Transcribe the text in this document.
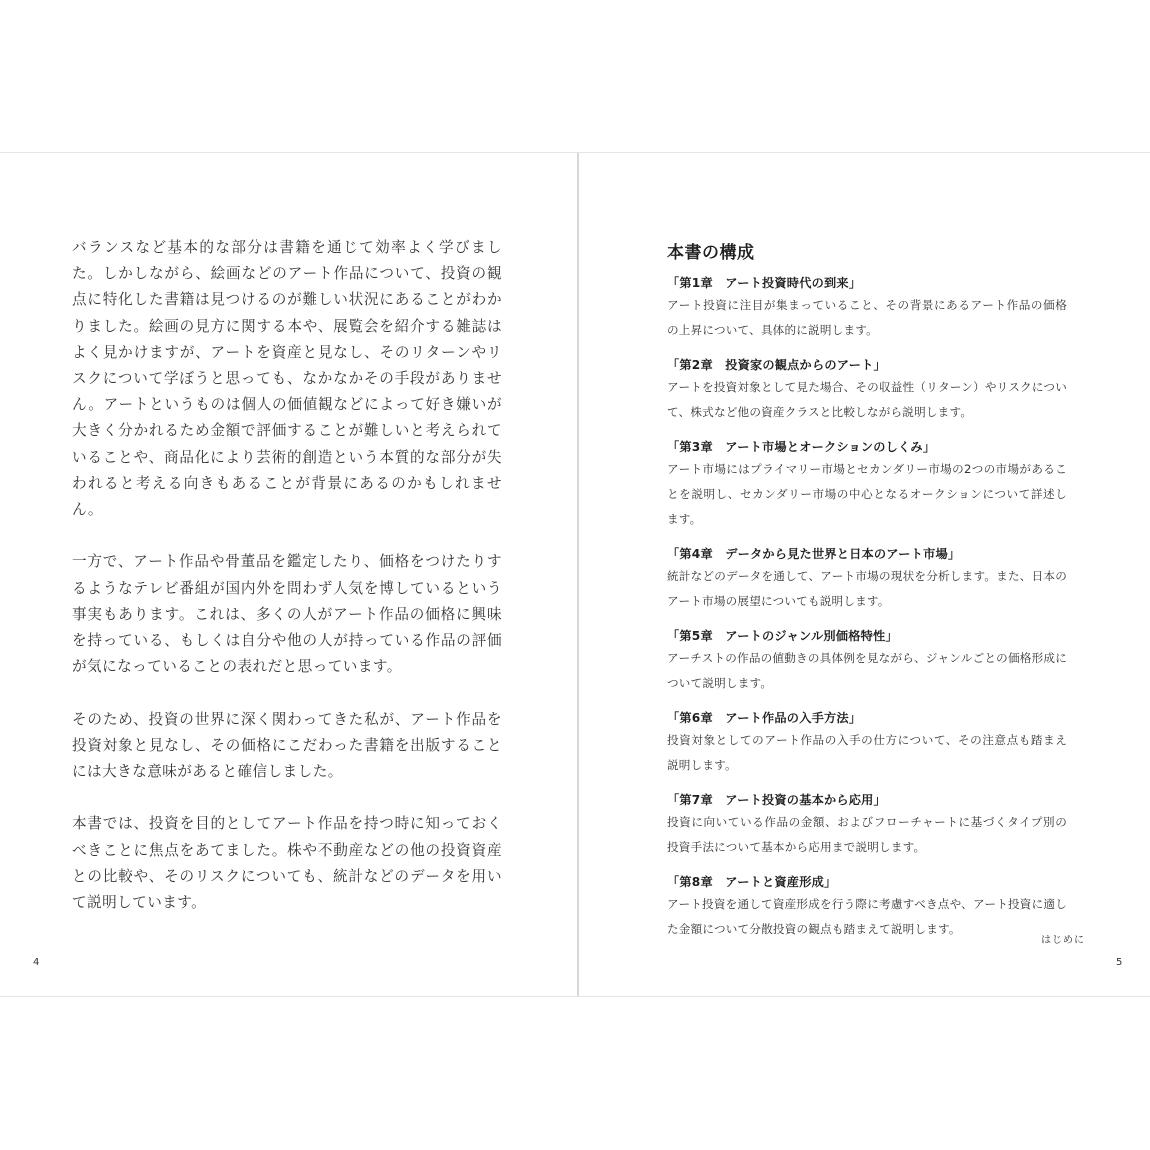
バランスなど基本的な部分は書籍を通じて効率よく学びました。しかしながら、絵画などのアート作品について、投資の観点に特化した書籍は見つけるのが難しい状況にあることがわかりました。絵画の見方に関する本や、展覧会を紹介する雑誌はよく見かけますが、アートを資産と見なし、そのリターンやリスクについて学ぼうと思っても、なかなかその手段がありません。アートというものは個人の価値観などによって好き嫌いが大きく分かれるため金額で評価することが難しいと考えられていることや、商品化により芸術的創造という本質的な部分が失われると考える向きもあることが背景にあるのかもしれません。

一方で、アート作品や骨董品を鑑定したり、価格をつけたりするようなテレビ番組が国内外を問わず人気を博しているという事実もあります。これは、多くの人がアート作品の価格に興味を持っている、もしくは自分や他の人が持っている作品の評価が気になっていることの表れだと思っています。

そのため、投資の世界に深く関わってきた私が、アート作品を投資対象と見なし、その価格にこだわった書籍を出版することには大きな意味があると確信しました。

本書では、投資を目的としてアート作品を持つ時に知っておくべきことに焦点をあてました。株や不動産などの他の投資資産との比較や、そのリスクについても、統計などのデータを用いて説明しています。

4
本書の構成
「第1章　アート投資時代の到来」
アート投資に注目が集まっていること、その背景にあるアート作品の価格の上昇について、具体的に説明します。
「第2章　投資家の観点からのアート」
アートを投資対象として見た場合、その収益性（リターン）やリスクについて、株式など他の資産クラスと比較しながら説明します。
「第3章　アート市場とオークションのしくみ」
アート市場にはプライマリー市場とセカンダリー市場の2つの市場があることを説明し、セカンダリー市場の中心となるオークションについて詳述します。
「第4章　データから見た世界と日本のアート市場」
統計などのデータを通して、アート市場の現状を分析します。また、日本のアート市場の展望についても説明します。
「第5章　アートのジャンル別価格特性」
アーチストの作品の値動きの具体例を見ながら、ジャンルごとの価格形成について説明します。
「第6章　アート作品の入手方法」
投資対象としてのアート作品の入手の仕方について、その注意点も踏まえ説明します。
「第7章　アート投資の基本から応用」
投資に向いている作品の金額、およびフローチャートに基づくタイプ別の投資手法について基本から応用まで説明します。
「第8章　アートと資産形成」
アート投資を通して資産形成を行う際に考慮すべき点や、アート投資に適した金額について分散投資の観点も踏まえて説明します。
はじめに
5
